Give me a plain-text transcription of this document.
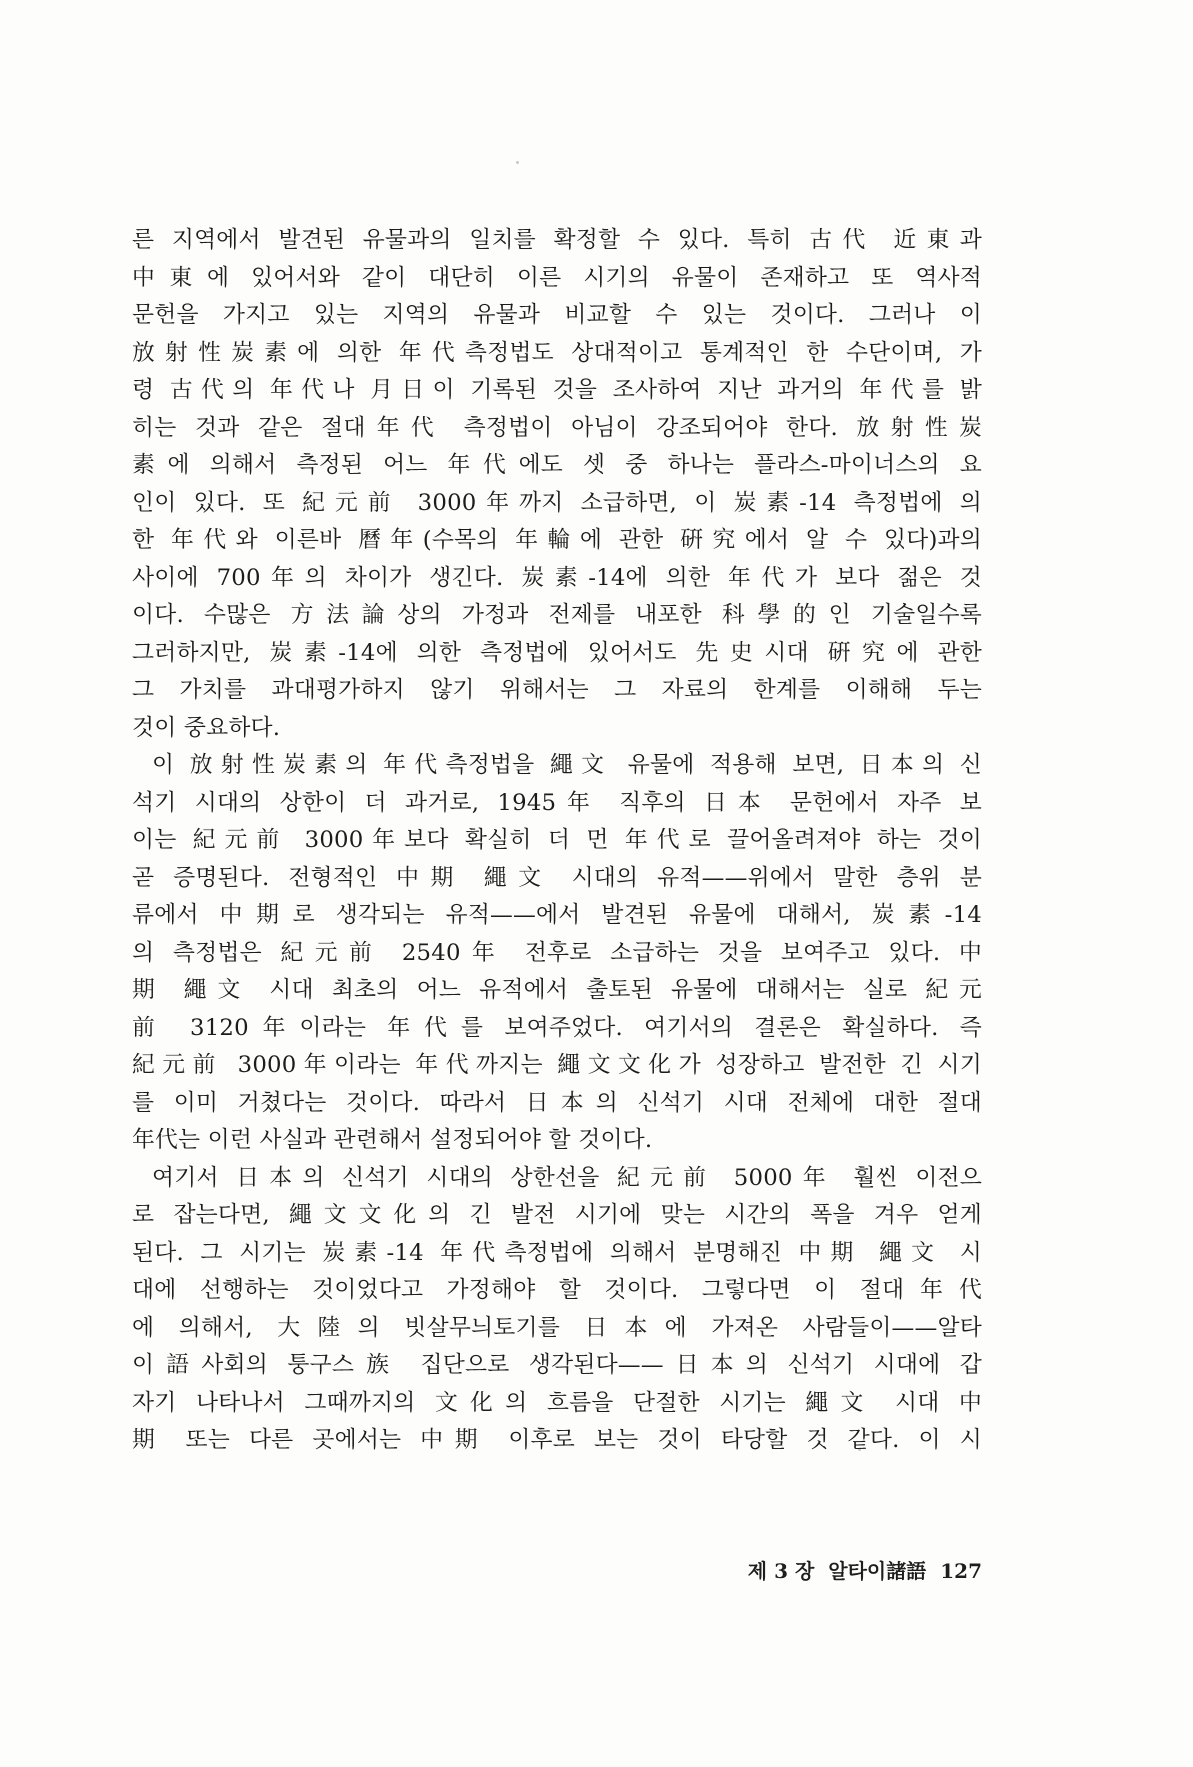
른 지역에서 발견된 유물과의 일치를 확정할 수 있다. 특히 古代 近東과
中東에 있어서와 같이 대단히 이른 시기의 유물이 존재하고 또 역사적
문헌을 가지고 있는 지역의 유물과 비교할 수 있는 것이다. 그러나 이
放射性炭素에 의한 年代측정법도 상대적이고 통계적인 한 수단이며, 가
령 古代의 年代나 月日이 기록된 것을 조사하여 지난 과거의 年代를 밝
히는 것과 같은 절대年代 측정법이 아님이 강조되어야 한다. 放射性炭
素에 의해서 측정된 어느 年代에도 셋 중 하나는 플라스-마이너스의 요
인이 있다. 또 紀元前 3000年까지 소급하면, 이 炭素-14 측정법에 의
한 年代와 이른바 曆年(수목의 年輪에 관한 硏究에서 알 수 있다)과의
사이에 700年의 차이가 생긴다. 炭素-14에 의한 年代가 보다 젊은 것
이다. 수많은 方法論상의 가정과 전제를 내포한 科學的인 기술일수록
그러하지만, 炭素-14에 의한 측정법에 있어서도 先史시대 硏究에 관한
그 가치를 과대평가하지 않기 위해서는 그 자료의 한계를 이해해 두는
것이 중요하다.
이 放射性炭素의 年代측정법을 繩文 유물에 적용해 보면, 日本의 신
석기 시대의 상한이 더 과거로, 1945年 직후의 日本 문헌에서 자주 보
이는 紀元前 3000年보다 확실히 더 먼 年代로 끌어올려져야 하는 것이
곧 증명된다. 전형적인 中期 繩文 시대의 유적——위에서 말한 층위 분
류에서 中期로 생각되는 유적——에서 발견된 유물에 대해서, 炭素-14
의 측정법은 紀元前 2540年 전후로 소급하는 것을 보여주고 있다. 中
期 繩文 시대 최초의 어느 유적에서 출토된 유물에 대해서는 실로 紀元
前 3120年이라는 年代를 보여주었다. 여기서의 결론은 확실하다. 즉
紀元前 3000年이라는 年代까지는 繩文文化가 성장하고 발전한 긴 시기
를 이미 거쳤다는 것이다. 따라서 日本의 신석기 시대 전체에 대한 절대
年代는 이런 사실과 관련해서 설정되어야 할 것이다.
여기서 日本의 신석기 시대의 상한선을 紀元前 5000年 훨씬 이전으
로 잡는다면, 繩文文化의 긴 발전 시기에 맞는 시간의 폭을 겨우 얻게
된다. 그 시기는 炭素-14 年代측정법에 의해서 분명해진 中期 繩文 시
대에 선행하는 것이었다고 가정해야 할 것이다. 그렇다면 이 절대年代
에 의해서, 大陸의 빗살무늬토기를 日本에 가져온 사람들이——알타
이語사회의 퉁구스族 집단으로 생각된다——日本의 신석기 시대에 갑
자기 나타나서 그때까지의 文化의 흐름을 단절한 시기는 繩文 시대 中
期 또는 다른 곳에서는 中期 이후로 보는 것이 타당할 것 같다. 이 시
제 3 장 알타이諸語 127
